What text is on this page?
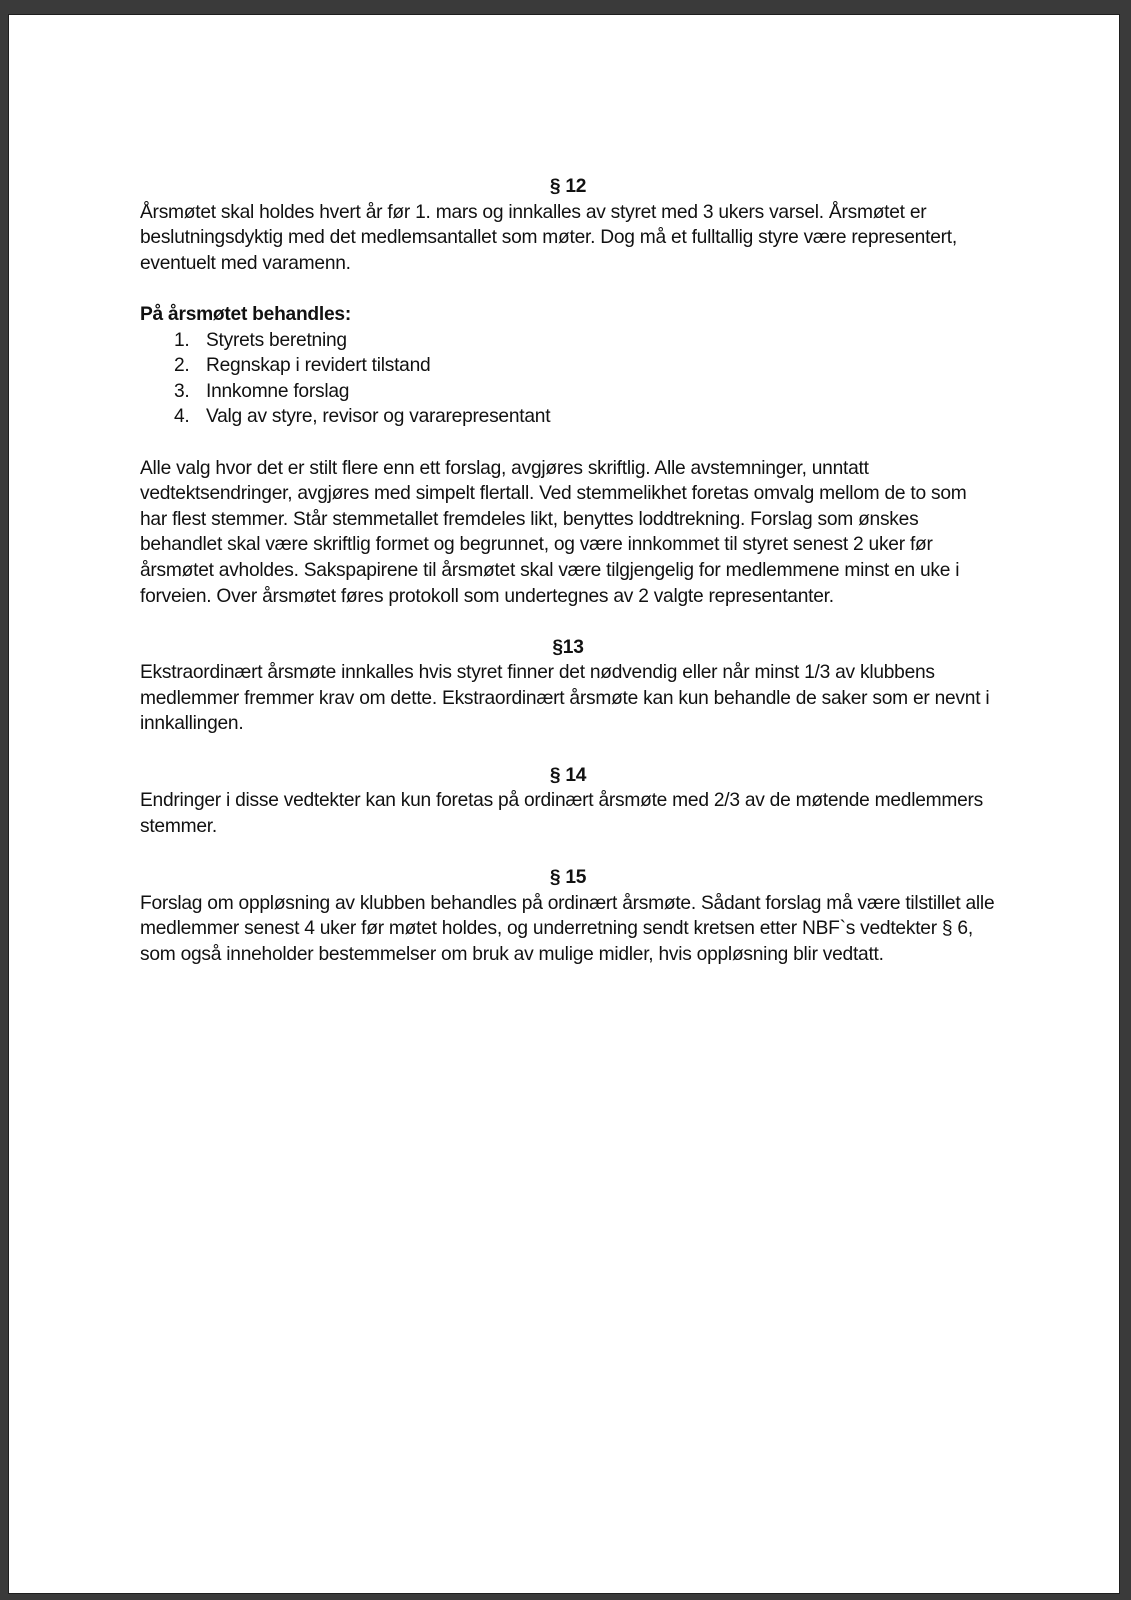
§ 12

Årsmøtet skal holdes hvert år før 1. mars og innkalles av styret med 3 ukers varsel. Årsmøtet er beslutningsdyktig med det medlemsantallet som møter. Dog må et fulltallig styre være representert, eventuelt med varamenn.

På årsmøtet behandles:

1. Styrets beretning
2. Regnskap i revidert tilstand
3. Innkomne forslag
4. Valg av styre, revisor og vararepresentant

Alle valg hvor det er stilt flere enn ett forslag, avgjøres skriftlig. Alle avstemninger, unntatt vedtektsendringer, avgjøres med simpelt flertall. Ved stemmelikhet foretas omvalg mellom de to som har flest stemmer. Står stemmetallet fremdeles likt, benyttes loddtrekning. Forslag som ønskes behandlet skal være skriftlig formet og begrunnet, og være innkommet til styret senest 2 uker før årsmøtet avholdes. Sakspapirene til årsmøtet skal være tilgjengelig for medlemmene minst en uke i forveien. Over årsmøtet føres protokoll som undertegnes av 2 valgte representanter.

§13

Ekstraordinært årsmøte innkalles hvis styret finner det nødvendig eller når minst 1/3 av klubbens medlemmer fremmer krav om dette. Ekstraordinært årsmøte kan kun behandle de saker som er nevnt i innkallingen.

§ 14

Endringer i disse vedtekter kan kun foretas på ordinært årsmøte med 2/3 av de møtende medlemmers stemmer.

§ 15

Forslag om oppløsning av klubben behandles på ordinært årsmøte. Sådant forslag må være tilstillet alle medlemmer senest 4 uker før møtet holdes, og underretning sendt kretsen etter NBF`s vedtekter § 6, som også inneholder bestemmelser om bruk av mulige midler, hvis oppløsning blir vedtatt.
